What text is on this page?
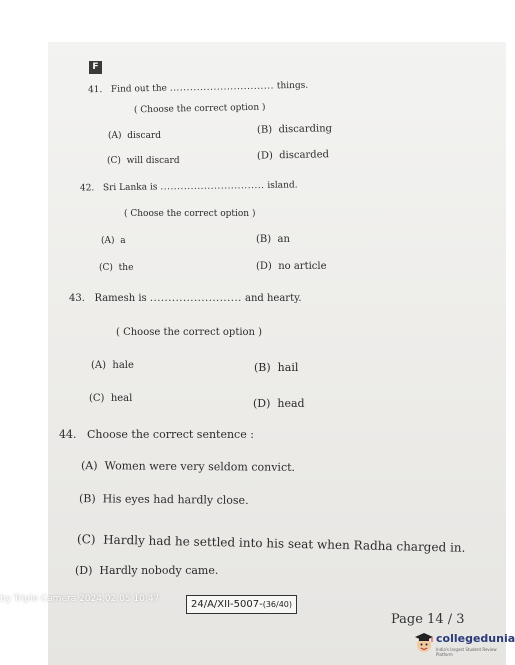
F
41. Find out the ............................... things.
( Choose the correct option )
(A) discard
(B) discarding
(C) will discard	(D) discarded
42. Sri Lanka is ............................... island.
( Choose the correct option )
(A) a	(B) an
(C) the	(D) no article
43. Ramesh is ......................... and hearty.
( Choose the correct option )
(A) hale	(B) hail
(C) heal	(D) head
44. Choose the correct sentence :
(A) Women were very seldom convict.
(B) His eyes had hardly close.
(C) Hardly had he settled into his seat when Radha charged in.
(D) Hardly nobody came.
24/A/XII-5007-(36/40)
Page 14 / 3
by Triple Camera 2024.02.05 10:47
collegedunia
India's largest Student Review Platform
